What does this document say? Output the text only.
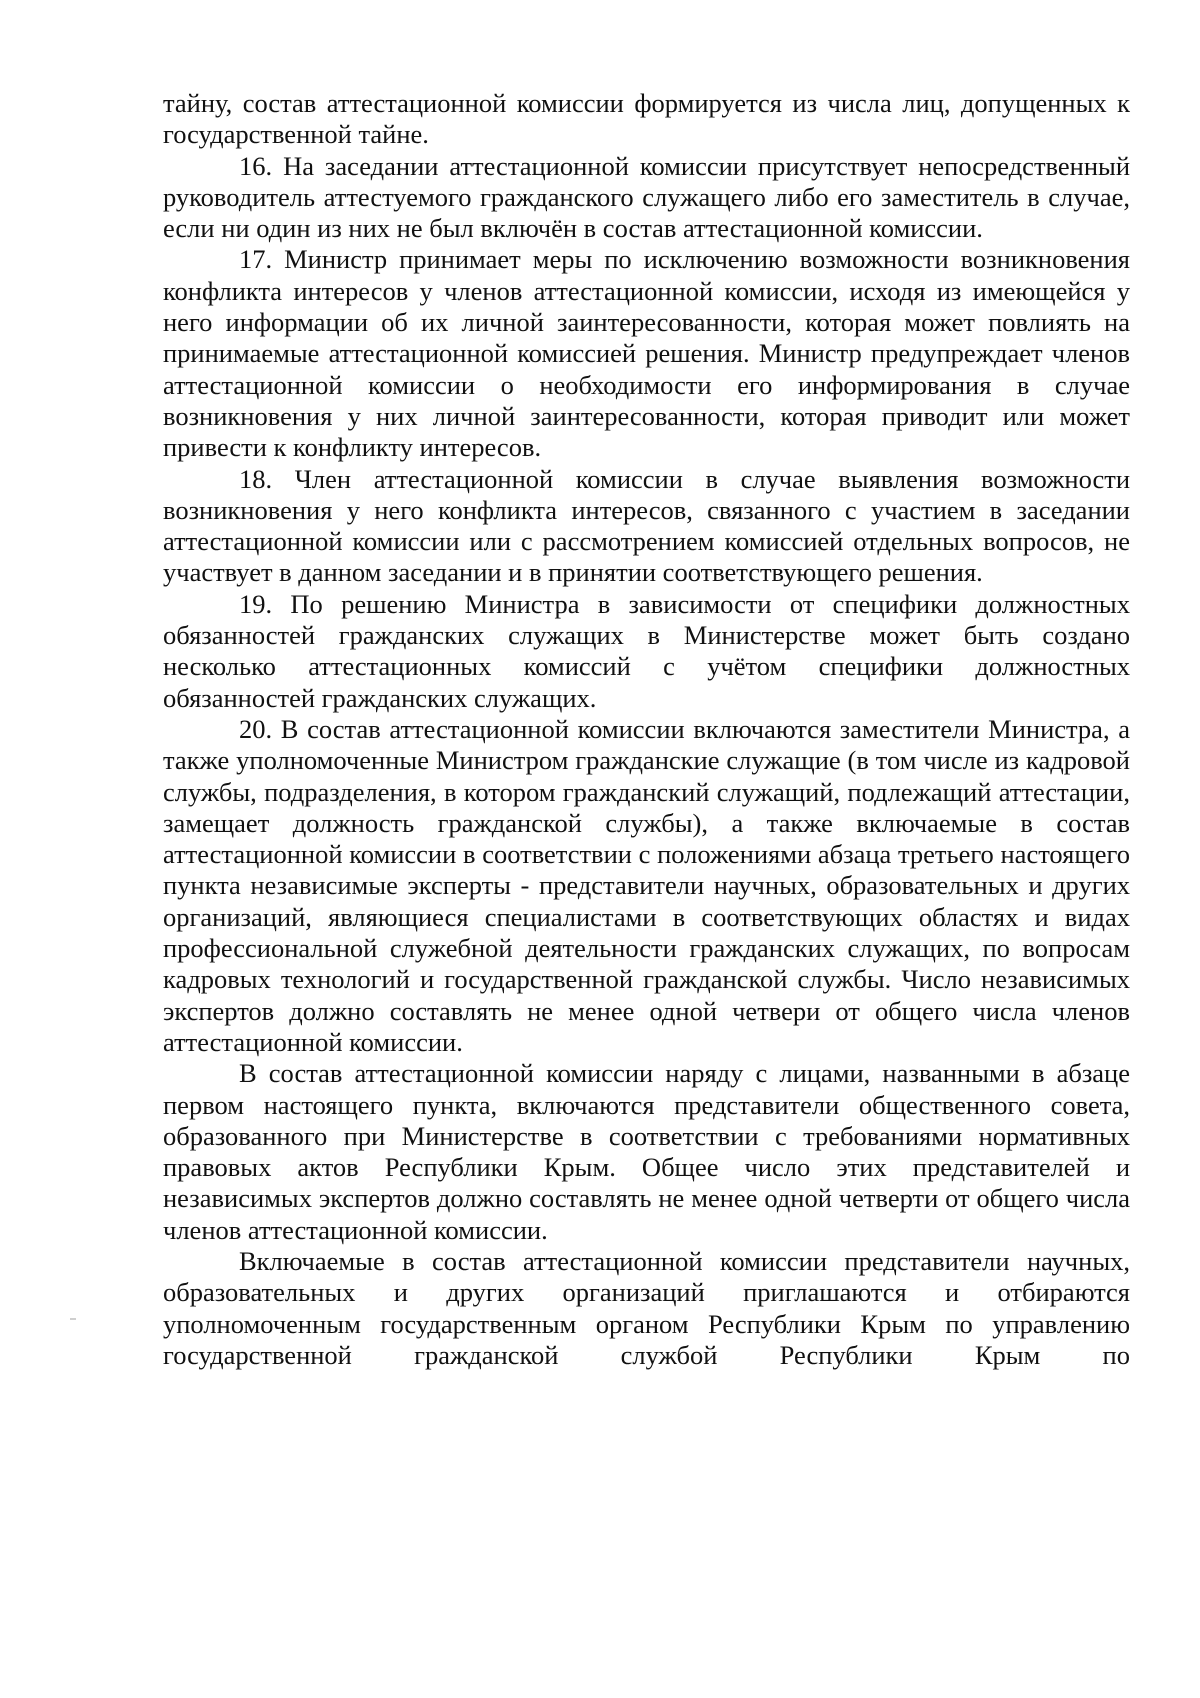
тайну, состав аттестационной комиссии формируется из числа лиц, допущенных к государственной тайне.

16. На заседании аттестационной комиссии присутствует непосредственный руководитель аттестуемого гражданского служащего либо его заместитель в случае, если ни один из них не был включён в состав аттестационной комиссии.

17. Министр принимает меры по исключению возможности возникновения конфликта интересов у членов аттестационной комиссии, исходя из имеющейся у него информации об их личной заинтересованности, которая может повлиять на принимаемые аттестационной комиссией решения. Министр предупреждает членов аттестационной комиссии о необходимости его информирования в случае возникновения у них личной заинтересованности, которая приводит или может привести к конфликту интересов.

18. Член аттестационной комиссии в случае выявления возможности возникновения у него конфликта интересов, связанного с участием в заседании аттестационной комиссии или с рассмотрением комиссией отдельных вопросов, не участвует в данном заседании и в принятии соответствующего решения.

19. По решению Министра в зависимости от специфики должностных обязанностей гражданских служащих в Министерстве может быть создано несколько аттестационных комиссий с учётом специфики должностных обязанностей гражданских служащих.

20. В состав аттестационной комиссии включаются заместители Министра, а также уполномоченные Министром гражданские служащие (в том числе из кадровой службы, подразделения, в котором гражданский служащий, подлежащий аттестации, замещает должность гражданской службы), а также включаемые в состав аттестационной комиссии в соответствии с положениями абзаца третьего настоящего пункта независимые эксперты - представители научных, образовательных и других организаций, являющиеся специалистами в соответствующих областях и видах профессиональной служебной деятельности гражданских служащих, по вопросам кадровых технологий и государственной гражданской службы. Число независимых экспертов должно составлять не менее одной четвери от общего числа членов аттестационной комиссии.

В состав аттестационной комиссии наряду с лицами, названными в абзаце первом настоящего пункта, включаются представители общественного совета, образованного при Министерстве в соответствии с требованиями нормативных правовых актов Республики Крым. Общее число этих представителей и независимых экспертов должно составлять не менее одной четверти от общего числа членов аттестационной комиссии.

Включаемые в состав аттестационной комиссии представители научных, образовательных и других организаций приглашаются и отбираются уполномоченным государственным органом Республики Крым по управлению государственной гражданской службой Республики Крым по
